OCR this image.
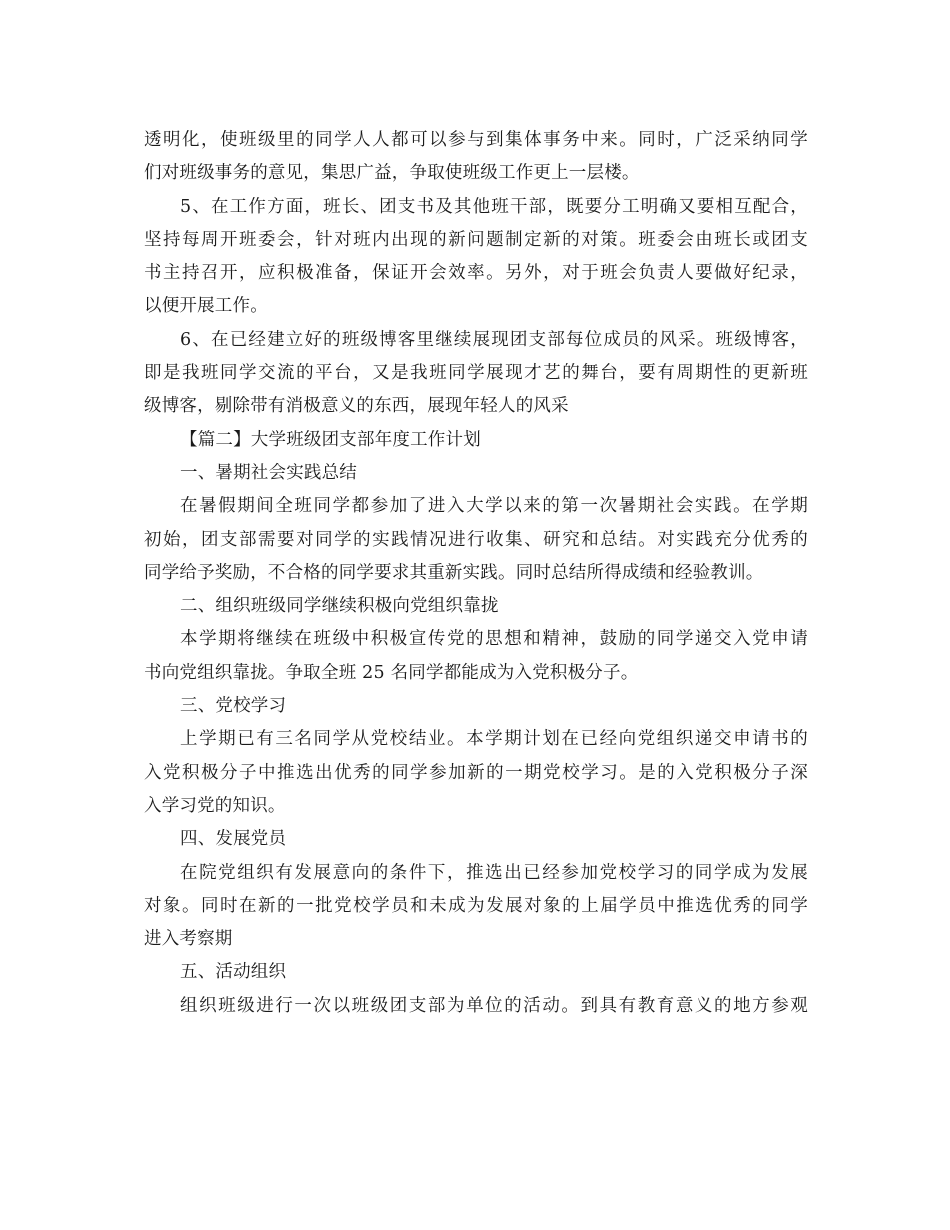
透明化，使班级里的同学人人都可以参与到集体事务中来。同时，广泛采纳同学
们对班级事务的意见，集思广益，争取使班级工作更上一层楼。
5、在工作方面，班长、团支书及其他班干部，既要分工明确又要相互配合，
坚持每周开班委会，针对班内出现的新问题制定新的对策。班委会由班长或团支
书主持召开，应积极准备，保证开会效率。另外，对于班会负责人要做好纪录，
以便开展工作。
6、在已经建立好的班级博客里继续展现团支部每位成员的风采。班级博客，
即是我班同学交流的平台，又是我班同学展现才艺的舞台，要有周期性的更新班
级博客，剔除带有消极意义的东西，展现年轻人的风采
【篇二】大学班级团支部年度工作计划
一、暑期社会实践总结
在暑假期间全班同学都参加了进入大学以来的第一次暑期社会实践。在学期
初始，团支部需要对同学的实践情况进行收集、研究和总结。对实践充分优秀的
同学给予奖励，不合格的同学要求其重新实践。同时总结所得成绩和经验教训。
二、组织班级同学继续积极向党组织靠拢
本学期将继续在班级中积极宣传党的思想和精神，鼓励的同学递交入党申请
书向党组织靠拢。争取全班 25 名同学都能成为入党积极分子。
三、党校学习
上学期已有三名同学从党校结业。本学期计划在已经向党组织递交申请书的
入党积极分子中推选出优秀的同学参加新的一期党校学习。是的入党积极分子深
入学习党的知识。
四、发展党员
在院党组织有发展意向的条件下，推选出已经参加党校学习的同学成为发展
对象。同时在新的一批党校学员和未成为发展对象的上届学员中推选优秀的同学
进入考察期
五、活动组织
组织班级进行一次以班级团支部为单位的活动。到具有教育意义的地方参观
